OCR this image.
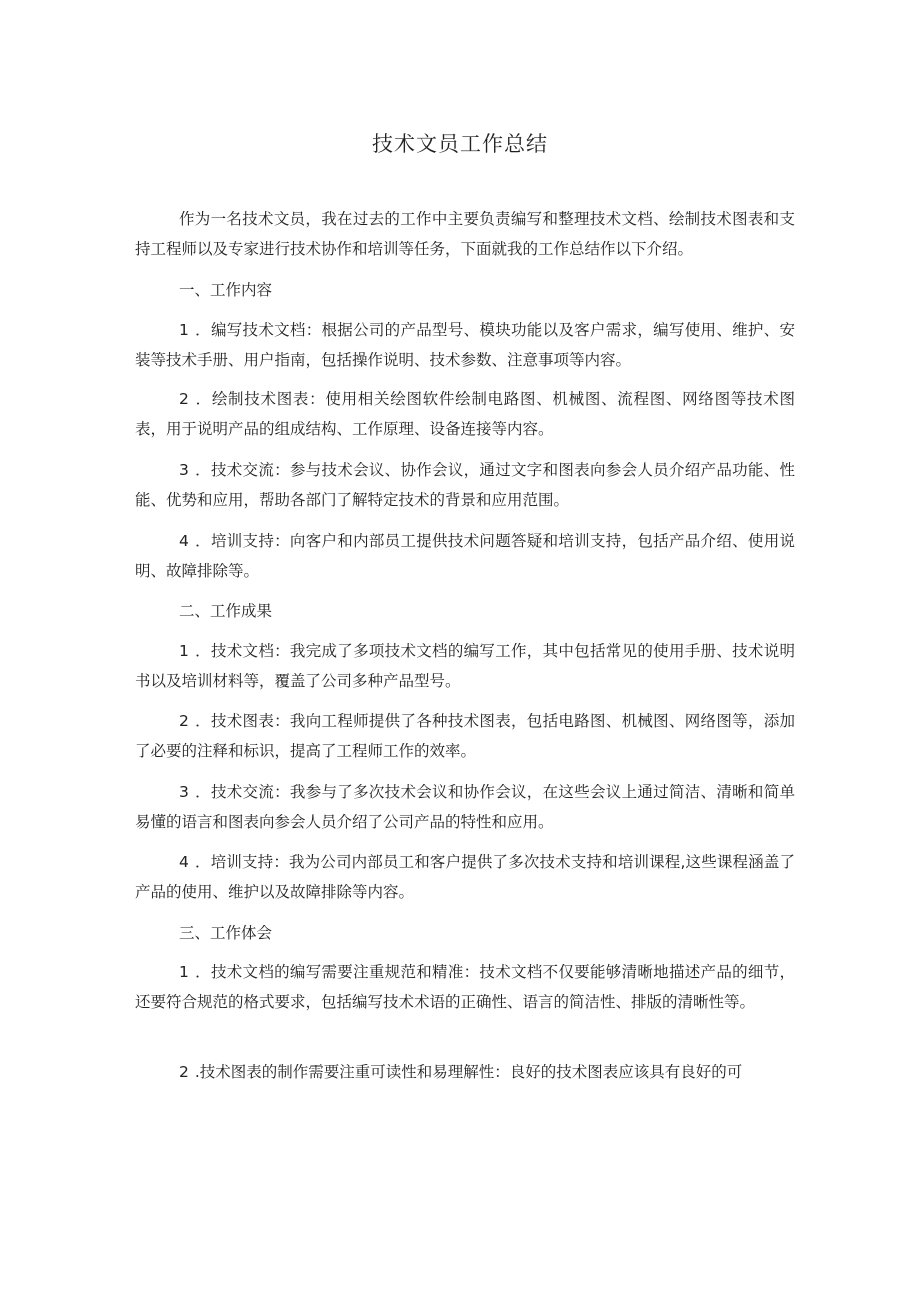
技术文员工作总结

作为一名技术文员，我在过去的工作中主要负责编写和整理技术文档、绘制技术图表和支持工程师以及专家进行技术协作和培训等任务，下面就我的工作总结作以下介绍。

一、工作内容

1 ．编写技术文档：根据公司的产品型号、模块功能以及客户需求，编写使用、维护、安装等技术手册、用户指南，包括操作说明、技术参数、注意事项等内容。

2 ．绘制技术图表：使用相关绘图软件绘制电路图、机械图、流程图、网络图等技术图表，用于说明产品的组成结构、工作原理、设备连接等内容。

3 ．技术交流：参与技术会议、协作会议，通过文字和图表向参会人员介绍产品功能、性能、优势和应用，帮助各部门了解特定技术的背景和应用范围。

4 ．培训支持：向客户和内部员工提供技术问题答疑和培训支持，包括产品介绍、使用说明、故障排除等。

二、工作成果

1 ．技术文档：我完成了多项技术文档的编写工作，其中包括常见的使用手册、技术说明书以及培训材料等，覆盖了公司多种产品型号。

2 ．技术图表：我向工程师提供了各种技术图表，包括电路图、机械图、网络图等，添加了必要的注释和标识，提高了工程师工作的效率。

3 ．技术交流：我参与了多次技术会议和协作会议，在这些会议上通过简洁、清晰和简单易懂的语言和图表向参会人员介绍了公司产品的特性和应用。

4 ．培训支持：我为公司内部员工和客户提供了多次技术支持和培训课程,这些课程涵盖了产品的使用、维护以及故障排除等内容。

三、工作体会

1 ．技术文档的编写需要注重规范和精准：技术文档不仅要能够清晰地描述产品的细节，还要符合规范的格式要求，包括编写技术术语的正确性、语言的简洁性、排版的清晰性等。

2 .技术图表的制作需要注重可读性和易理解性：良好的技术图表应该具有良好的可
